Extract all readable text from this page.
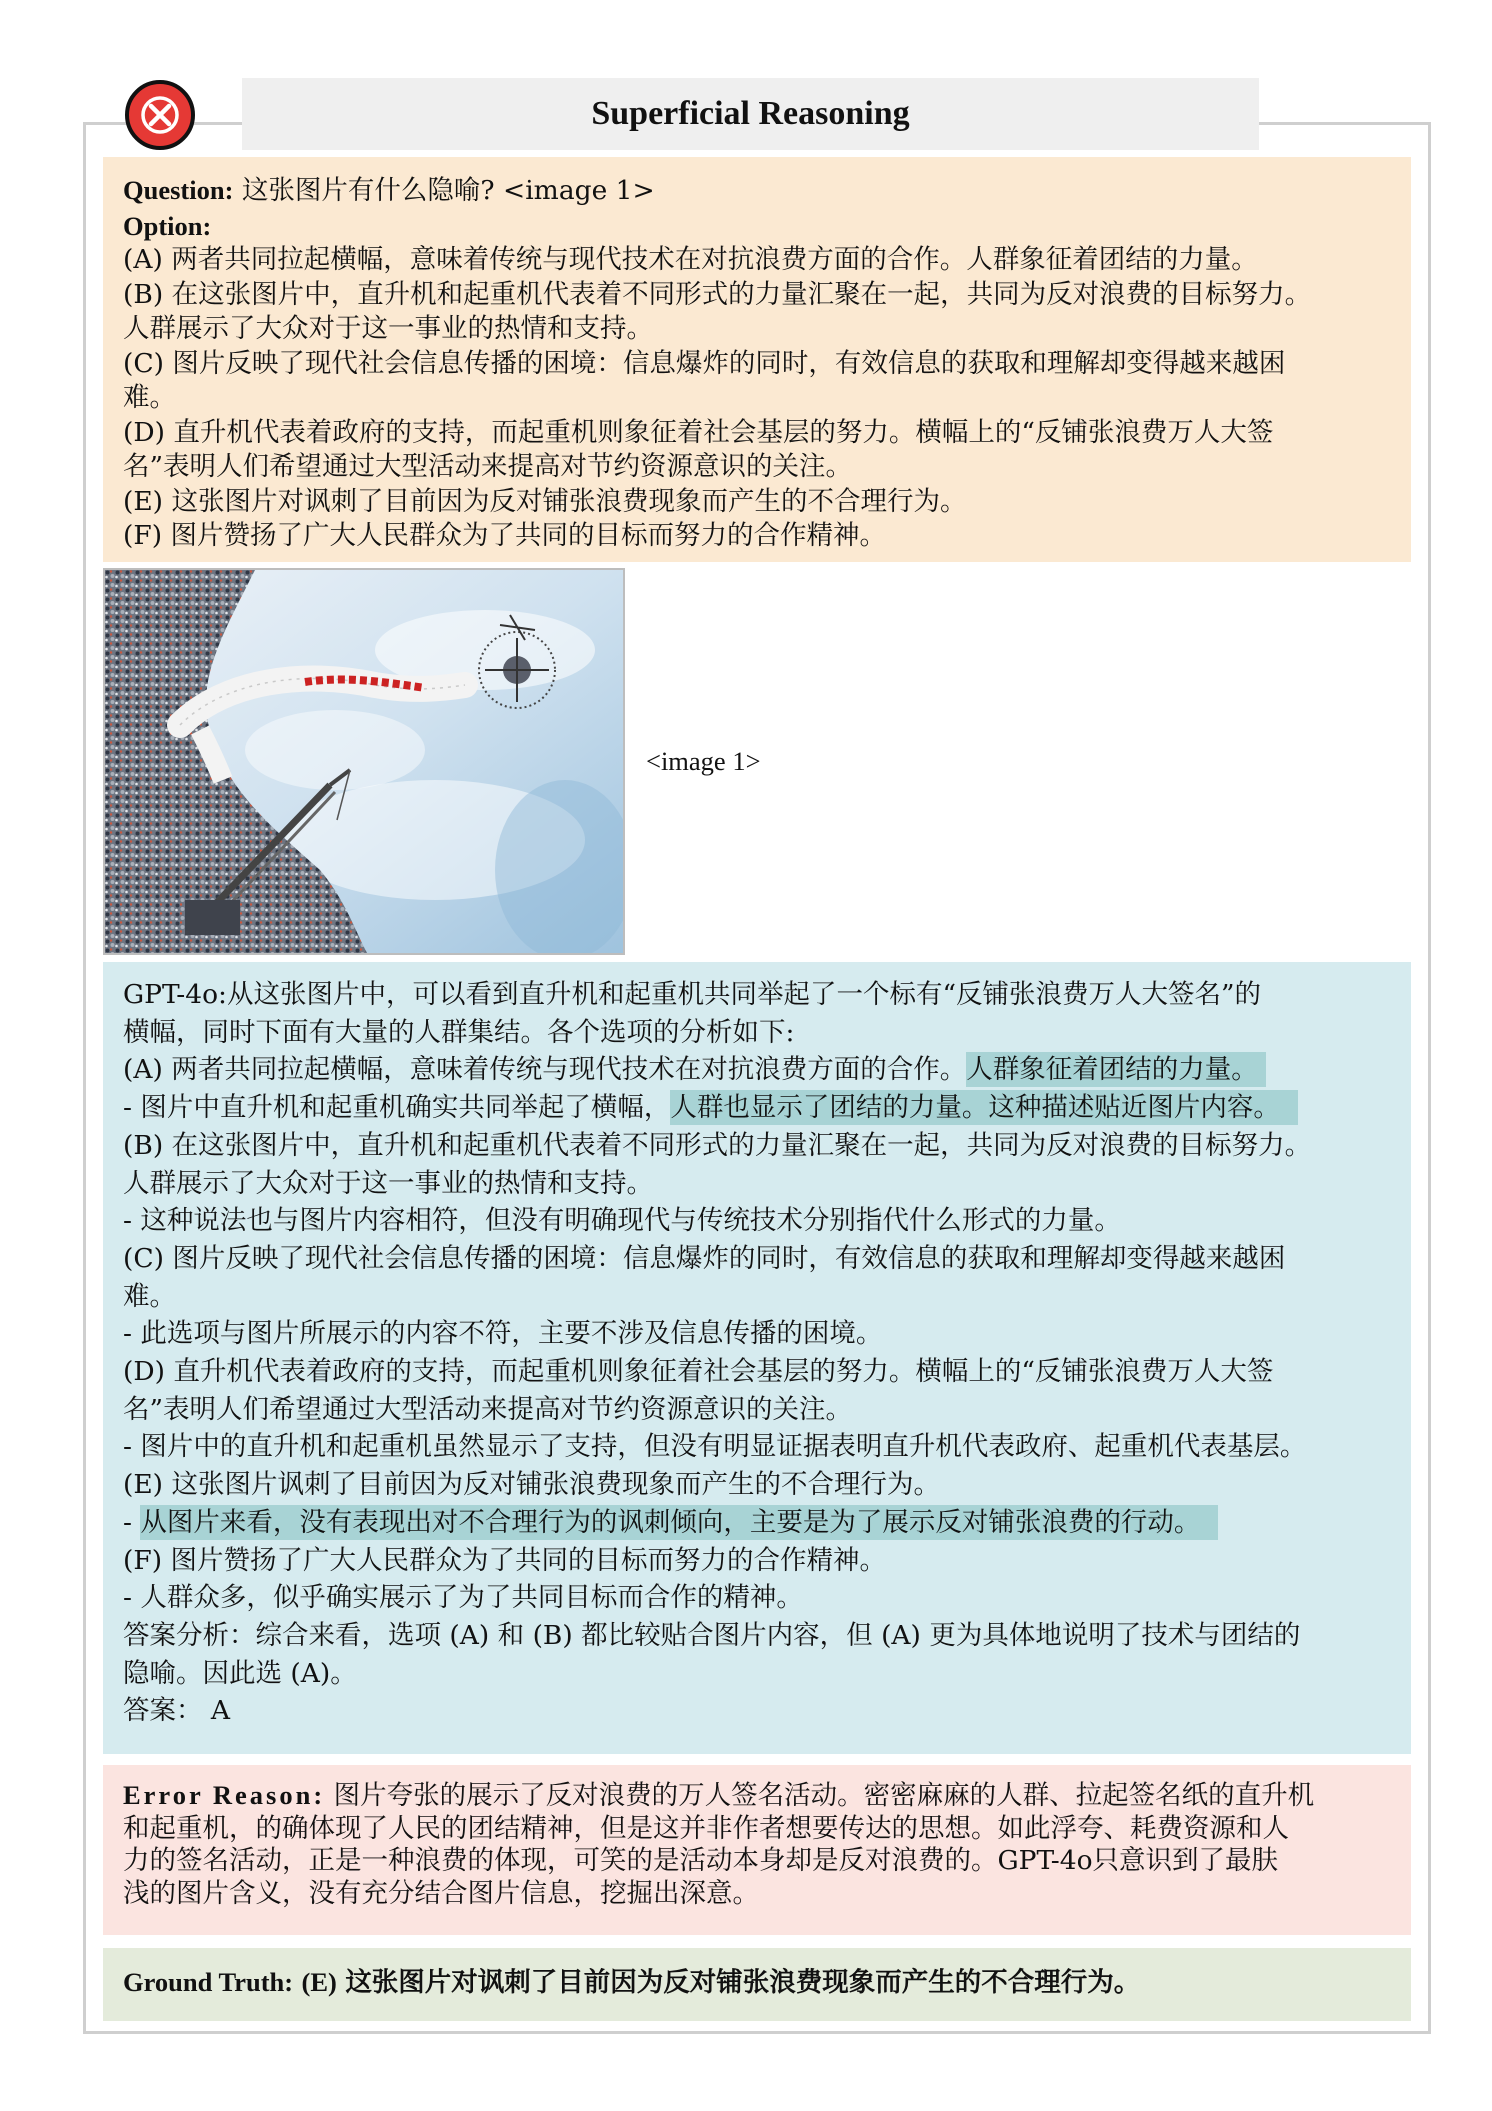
Superficial Reasoning

Question: 这张图片有什么隐喻? <image 1>

Option:

(A) 两者共同拉起横幅，意味着传统与现代技术在对抗浪费方面的合作。人群象征着团结的力量。

(B) 在这张图片中，直升机和起重机代表着不同形式的力量汇聚在一起，共同为反对浪费的目标努力。

人群展示了大众对于这一事业的热情和支持。

(C) 图片反映了现代社会信息传播的困境：信息爆炸的同时，有效信息的获取和理解却变得越来越困

难。

(D) 直升机代表着政府的支持，而起重机则象征着社会基层的努力。横幅上的“反铺张浪费万人大签

名”表明人们希望通过大型活动来提高对节约资源意识的关注。

(E) 这张图片对讽刺了目前因为反对铺张浪费现象而产生的不合理行为。

(F) 图片赞扬了广大人民群众为了共同的目标而努力的合作精神。

<image 1>

GPT-4o:从这张图片中，可以看到直升机和起重机共同举起了一个标有“反铺张浪费万人大签名”的

横幅，同时下面有大量的人群集结。各个选项的分析如下:

(A) 两者共同拉起横幅，意味着传统与现代技术在对抗浪费方面的合作。人群象征着团结的力量。

- 图片中直升机和起重机确实共同举起了横幅，人群也显示了团结的力量。这种描述贴近图片内容。

(B) 在这张图片中，直升机和起重机代表着不同形式的力量汇聚在一起，共同为反对浪费的目标努力。

人群展示了大众对于这一事业的热情和支持。

- 这种说法也与图片内容相符，但没有明确现代与传统技术分别指代什么形式的力量。

(C) 图片反映了现代社会信息传播的困境：信息爆炸的同时，有效信息的获取和理解却变得越来越困

难。

- 此选项与图片所展示的内容不符，主要不涉及信息传播的困境。

(D) 直升机代表着政府的支持，而起重机则象征着社会基层的努力。横幅上的“反铺张浪费万人大签

名”表明人们希望通过大型活动来提高对节约资源意识的关注。

- 图片中的直升机和起重机虽然显示了支持，但没有明显证据表明直升机代表政府、起重机代表基层。

(E) 这张图片讽刺了目前因为反对铺张浪费现象而产生的不合理行为。

- 从图片来看，没有表现出对不合理行为的讽刺倾向，主要是为了展示反对铺张浪费的行动。

(F) 图片赞扬了广大人民群众为了共同的目标而努力的合作精神。

- 人群众多，似乎确实展示了为了共同目标而合作的精神。

答案分析：综合来看，选项 (A) 和 (B) 都比较贴合图片内容，但 (A) 更为具体地说明了技术与团结的

隐喻。因此选 (A)。

答案： A

Error Reason: 图片夸张的展示了反对浪费的万人签名活动。密密麻麻的人群、拉起签名纸的直升机

和起重机，的确体现了人民的团结精神，但是这并非作者想要传达的思想。如此浮夸、耗费资源和人

力的签名活动，正是一种浪费的体现，可笑的是活动本身却是反对浪费的。GPT-4o只意识到了最肤

浅的图片含义，没有充分结合图片信息，挖掘出深意。

Ground Truth: (E) 这张图片对讽刺了目前因为反对铺张浪费现象而产生的不合理行为。
